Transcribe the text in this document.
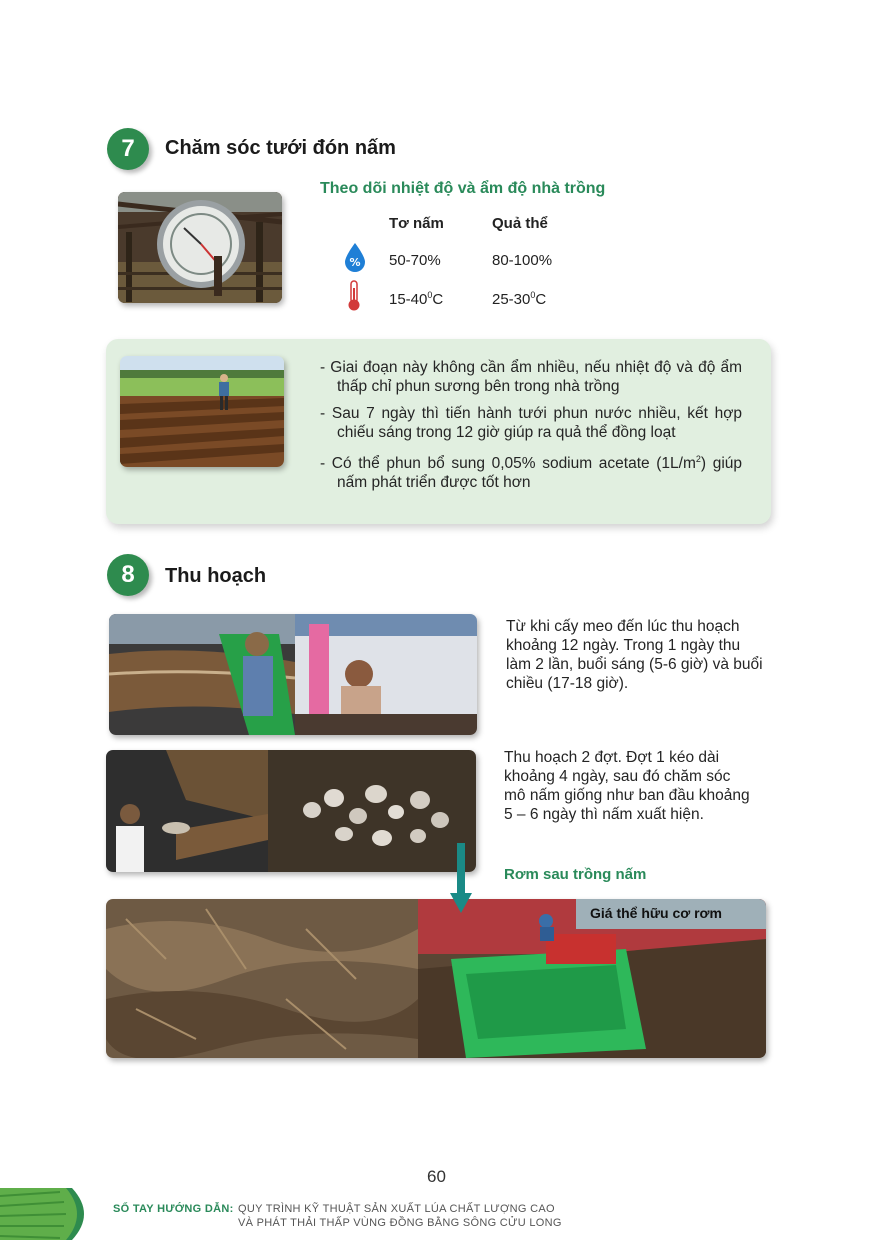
7 Chăm sóc tưới đón nấm
Theo dõi nhiệt độ và ẩm độ nhà trồng
Tơ nấm	Quả thể
% 50-70%	80-100%
$15-40^0C$	$25-30^0C$
- Giai đoạn này không cần ẩm nhiều, nếu nhiệt độ và độ ẩm thấp chỉ phun sương bên trong nhà trồng
- Sau 7 ngày thì tiến hành tưới phun nước nhiều, kết hợp chiếu sáng trong 12 giờ giúp ra quả thể đồng loạt
- Có thể phun bổ sung 0,05% sodium acetate $(1L/m^2)$ giúp nấm phát triển được tốt hơn
8 Thu hoạch
Từ khi cấy meo đến lúc thu hoạch khoảng 12 ngày. Trong 1 ngày thu làm 2 lần, buổi sáng (5-6 giờ) và buổi chiều (17-18 giờ).
Thu hoạch 2 đợt. Đợt 1 kéo dài khoảng 4 ngày, sau đó chăm sóc mô nấm giống như ban đầu khoảng 5 – 6 ngày thì nấm xuất hiện.
Rơm sau trồng nấm
Giá thể hữu cơ rơm
60
SỔ TAY HƯỚNG DẪN: QUY TRÌNH KỸ THUẬT SẢN XUẤT LÚA CHẤT LƯỢNG CAO
VÀ PHÁT THẢI THẤP VÙNG ĐỒNG BẰNG SÔNG CỬU LONG
